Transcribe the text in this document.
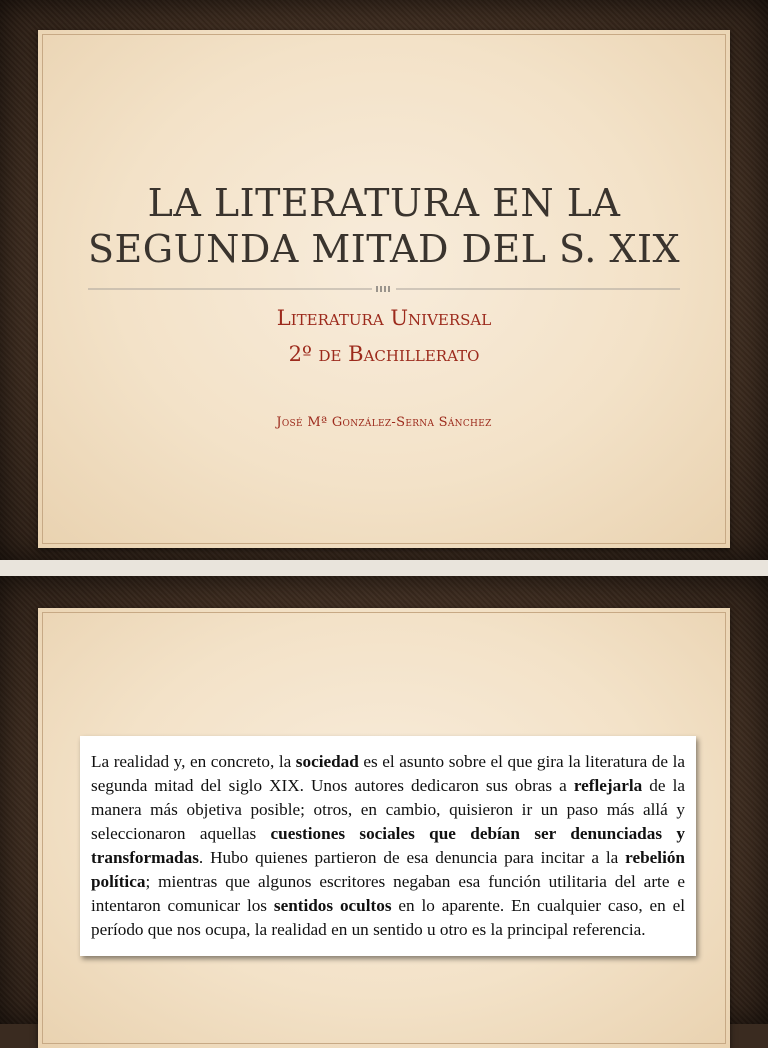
LA LITERATURA EN LA
SEGUNDA MITAD DEL S. XIX
Literatura Universal
2º de Bachillerato
José Mª González-Serna Sánchez
La realidad y, en concreto, la sociedad es el asunto sobre el que gira la literatura de la segunda mitad del siglo XIX. Unos autores dedicaron sus obras a reflejarla de la manera más objetiva posible; otros, en cambio, quisieron ir un paso más allá y seleccionaron aquellas cuestiones sociales que debían ser denunciadas y transformadas. Hubo quienes partieron de esa denuncia para incitar a la rebelión política; mientras que algunos escritores negaban esa función utilitaria del arte e intentaron comunicar los sentidos ocultos en lo aparente. En cualquier caso, en el período que nos ocupa, la realidad en un sentido u otro es la principal referencia.
